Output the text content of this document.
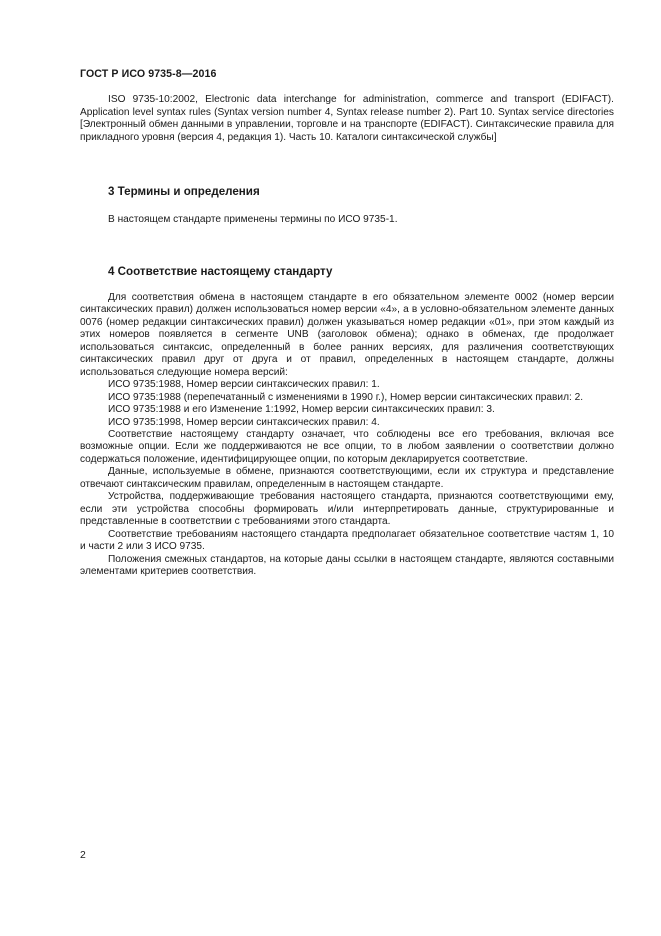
ГОСТ Р ИСО 9735-8—2016

ISO 9735-10:2002, Electronic data interchange for administration, commerce and transport (EDIFACT). Application level syntax rules (Syntax version number 4, Syntax release number 2). Part 10. Syntax service directories [Электронный обмен данными в управлении, торговле и на транспорте (EDIFACT). Синтаксические правила для прикладного уровня (версия 4, редакция 1). Часть 10. Каталоги синтаксической службы]

3 Термины и определения

В настоящем стандарте применены термины по ИСО 9735-1.

4 Соответствие настоящему стандарту

Для соответствия обмена в настоящем стандарте в его обязательном элементе 0002 (номер версии синтаксических правил) должен использоваться номер версии «4», а в условно-обязательном элементе данных 0076 (номер редакции синтаксических правил) должен указываться номер редакции «01», при этом каждый из этих номеров появляется в сегменте UNB (заголовок обмена); однако в обменах, где продолжает использоваться синтаксис, определенный в более ранних версиях, для различения соответствующих синтаксических правил друг от друга и от правил, определенных в настоящем стандарте, должны использоваться следующие номера версий:

ИСО 9735:1988, Номер версии синтаксических правил: 1.

ИСО 9735:1988 (перепечатанный с изменениями в 1990 г.), Номер версии синтаксических правил: 2.

ИСО 9735:1988 и его Изменение 1:1992, Номер версии синтаксических правил: 3.

ИСО 9735:1998, Номер версии синтаксических правил: 4.

Соответствие настоящему стандарту означает, что соблюдены все его требования, включая все возможные опции. Если же поддерживаются не все опции, то в любом заявлении о соответствии должно содержаться положение, идентифицирующее опции, по которым декларируется соответствие.

Данные, используемые в обмене, признаются соответствующими, если их структура и представление отвечают синтаксическим правилам, определенным в настоящем стандарте.

Устройства, поддерживающие требования настоящего стандарта, признаются соответствующими ему, если эти устройства способны формировать и/или интерпретировать данные, структурированные и представленные в соответствии с требованиями этого стандарта.

Соответствие требованиям настоящего стандарта предполагает обязательное соответствие частям 1, 10 и части 2 или 3 ИСО 9735.

Положения смежных стандартов, на которые даны ссылки в настоящем стандарте, являются составными элементами критериев соответствия.

2
